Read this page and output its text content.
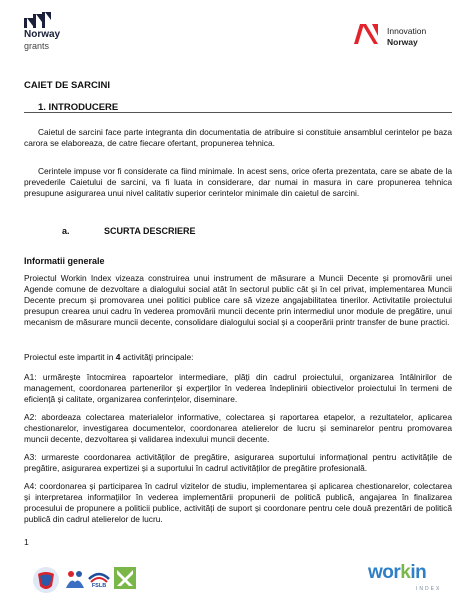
Norway
grants
Innovation
Norway
CAIET DE SARCINI
1. INTRODUCERE
Caietul de sarcini face parte integranta din documentatia de atribuire si constituie ansamblul cerintelor pe baza carora se elaboreaza, de catre fiecare ofertant, propunerea tehnica.
Cerintele impuse vor fi considerate ca fiind minimale. In acest sens, orice oferta prezentata, care se abate de la prevederile Caietului de sarcini, va fi luata in considerare, dar numai in masura in care propunerea tehnica presupune asigurarea unui nivel calitativ superior cerintelor minimale din caietul de sarcini.
a.	SCURTA DESCRIERE
Informatii generale
Proiectul Workin Index vizeaza construirea unui instrument de măsurare a Muncii Decente și promovării unei Agende comune de dezvoltare a dialogului social atât în sectorul public cât și în cel privat, implementarea Muncii Decente precum și promovarea unei politici publice care să vizeze angajabilitatea tinerilor. Activitatile proiectului presupun crearea unui cadru în vederea promovării muncii decente prin intermediul unor module de pregătire, unui mecanism de măsurare muncii decente, consolidare dialogului social și a cooperării printr transfer de bune practici.
Proiectul este impartit in 4 activități principale:
A1: urmărește întocmirea rapoartelor intermediare, plăți din cadrul proiectului, organizarea întâlnirilor de management, coordonarea partenerilor și experților în vederea îndeplinirii obiectivelor proiectului în termeni de eficiență și calitate, organizarea conferințelor, diseminare.
A2: abordeaza colectarea materialelor informative, colectarea și raportarea etapelor, a rezultatelor, aplicarea chestionarelor, investigarea documentelor, coordonarea atelierelor de lucru și seminarelor pentru promovarea muncii decente, dezvoltarea și validarea indexului muncii decente.
A3: urmareste coordonarea activităților de pregătire, asigurarea suportului informațional pentru activitățile de pregătire, asigurarea expertizei și a suportului în cadrul activităților de pregătire profesională.
A4: coordonarea și participarea în cadrul vizitelor de studiu, implementarea și aplicarea chestionarelor, colectarea și interpretarea informațiilor în vederea implementării propunerii de politică publică, angajarea în finalizarea procesului de propunere a politicii publice, activități de suport și coordonare pentru cele două prezentări de politică publică din cadrul atelierelor de lucru.
1
FSLB
workin
INDEX
